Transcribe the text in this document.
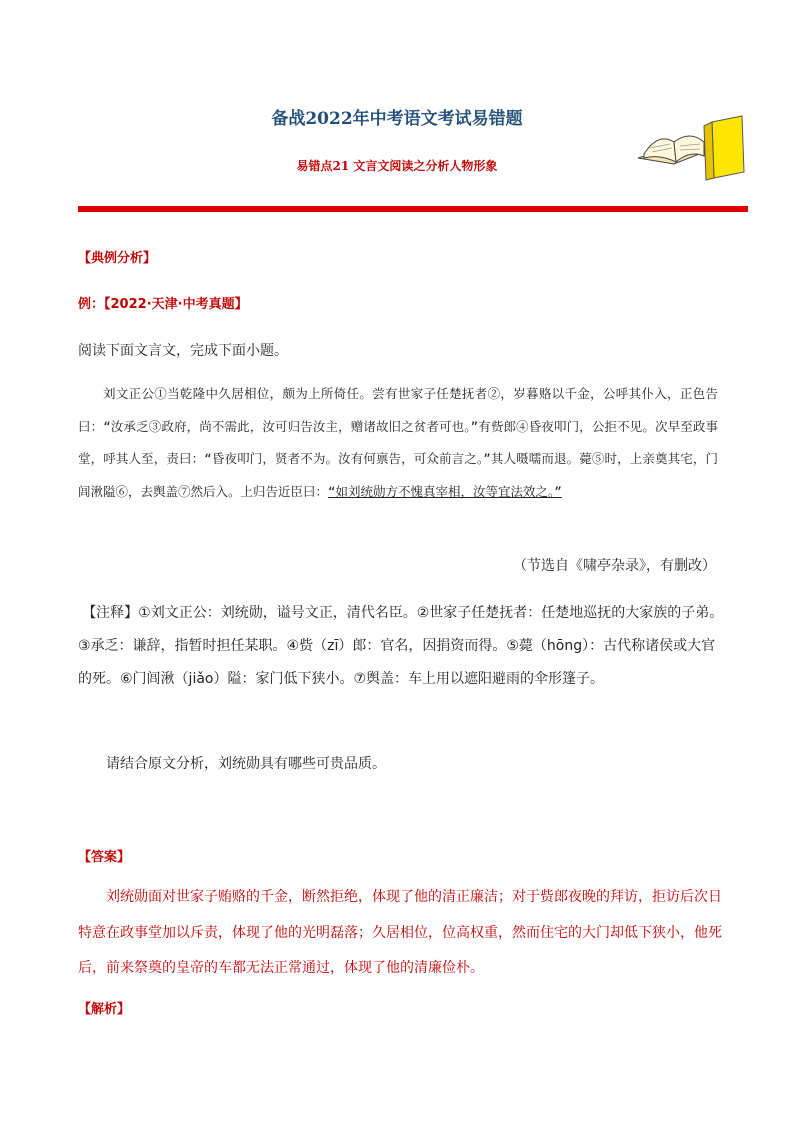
备战2022年中考语文考试易错题
易错点21 文言文阅读之分析人物形象
【典例分析】
例：【2022·天津·中考真题】
阅读下面文言文，完成下面小题。

刘文正公①当乾隆中久居相位，颇为上所倚任。尝有世家子任楚抚者②，岁暮赂以千金，公呼其仆入，正色告曰：“汝承乏③政府，尚不需此，汝可归告汝主，赠诸故旧之贫者可也。”有赀郎④昏夜叩门，公拒不见。次早至政事堂，呼其人至，责曰：“昏夜叩门，贤者不为。汝有何禀告，可众前言之。”其人嗫嚅而退。薨⑤时，上亲奠其宅，门闾湫隘⑥，去舆盖⑦然后入。上归告近臣曰：“如刘统勋方不愧真宰相，汝等宜法效之。”

（节选自《啸亭杂录》，有删改）

【注释】①刘文正公：刘统勋，谥号文正，清代名臣。②世家子任楚抚者：任楚地巡抚的大家族的子弟。③承乏：谦辞，指暂时担任某职。④赀（zī）郎：官名，因捐资而得。⑤薨（hōng）：古代称诸侯或大官的死。⑥门闾湫（jiǎo）隘：家门低下狭小。⑦舆盖：车上用以遮阳避雨的伞形篷子。

请结合原文分析，刘统勋具有哪些可贵品质。
【答案】

刘统勋面对世家子贿赂的千金，断然拒绝，体现了他的清正廉洁；对于赀郎夜晚的拜访，拒访后次日特意在政事堂加以斥责，体现了他的光明磊落；久居相位，位高权重，然而住宅的大门却低下狭小，他死后，前来祭奠的皇帝的车都无法正常通过，体现了他的清廉俭朴。

【解析】
